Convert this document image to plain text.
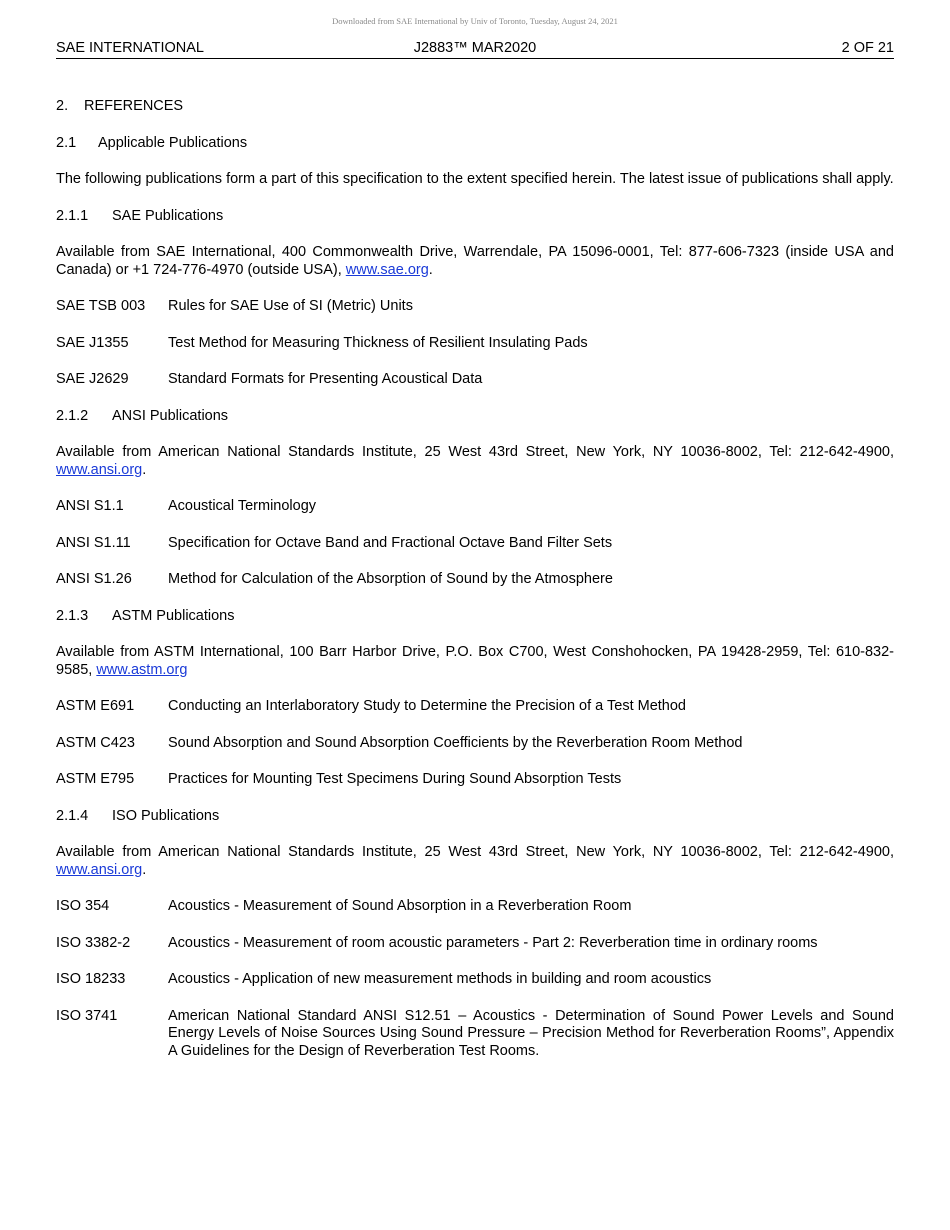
Downloaded from SAE International by Univ of Toronto, Tuesday, August 24, 2021
SAE INTERNATIONAL	J2883™ MAR2020	2 OF 21
2. REFERENCES
2.1 Applicable Publications

The following publications form a part of this specification to the extent specified herein. The latest issue of publications shall apply.

2.1.1 SAE Publications

Available from SAE International, 400 Commonwealth Drive, Warrendale, PA 15096-0001, Tel: 877-606-7323 (inside USA and Canada) or +1 724-776-4970 (outside USA), www.sae.org.

SAE TSB 003	Rules for SAE Use of SI (Metric) Units
SAE J1355	Test Method for Measuring Thickness of Resilient Insulating Pads
SAE J2629	Standard Formats for Presenting Acoustical Data
2.1.2 ANSI Publications

Available from American National Standards Institute, 25 West 43rd Street, New York, NY 10036-8002, Tel: 212-642-4900, www.ansi.org.

ANSI S1.1	Acoustical Terminology
ANSI S1.11	Specification for Octave Band and Fractional Octave Band Filter Sets
ANSI S1.26	Method for Calculation of the Absorption of Sound by the Atmosphere
2.1.3 ASTM Publications

Available from ASTM International, 100 Barr Harbor Drive, P.O. Box C700, West Conshohocken, PA 19428-2959, Tel: 610-832-9585, www.astm.org

ASTM E691	Conducting an Interlaboratory Study to Determine the Precision of a Test Method
ASTM C423	Sound Absorption and Sound Absorption Coefficients by the Reverberation Room Method
ASTM E795	Practices for Mounting Test Specimens During Sound Absorption Tests
2.1.4 ISO Publications

Available from American National Standards Institute, 25 West 43rd Street, New York, NY 10036-8002, Tel: 212-642-4900, www.ansi.org.

ISO 354	Acoustics - Measurement of Sound Absorption in a Reverberation Room
ISO 3382-2	Acoustics - Measurement of room acoustic parameters - Part 2: Reverberation time in ordinary rooms
ISO 18233	Acoustics - Application of new measurement methods in building and room acoustics
ISO 3741	American National Standard ANSI S12.51 – Acoustics - Determination of Sound Power Levels and Sound Energy Levels of Noise Sources Using Sound Pressure – Precision Method for Reverberation Rooms”, Appendix A Guidelines for the Design of Reverberation Test Rooms.
